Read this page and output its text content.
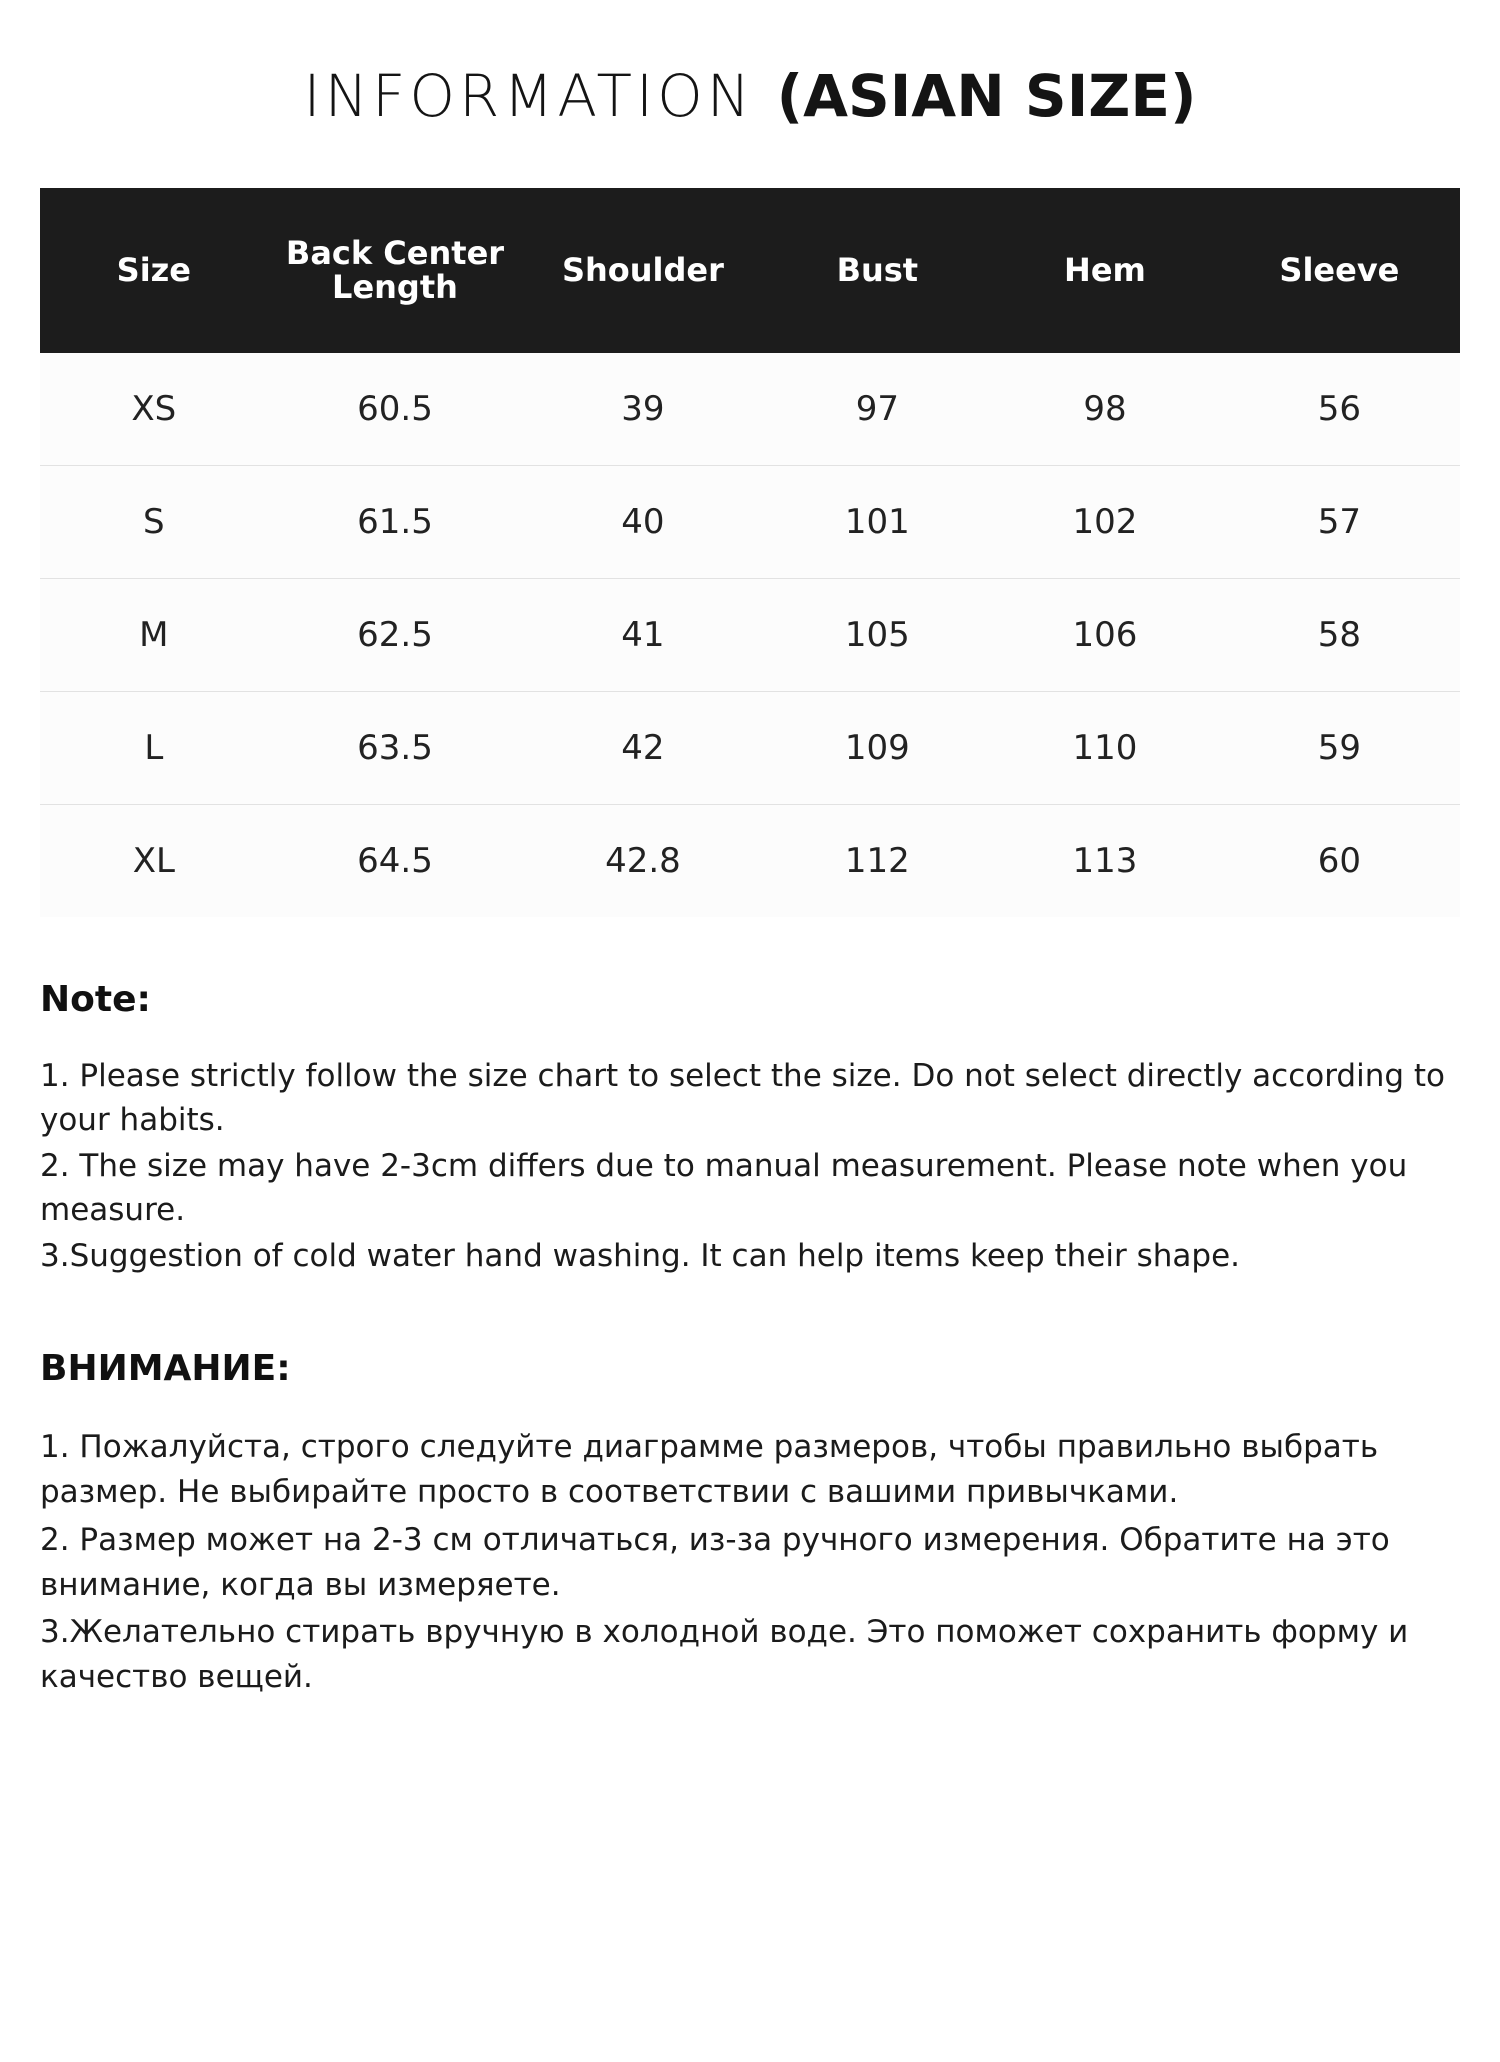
INFORMATION (ASIAN SIZE)
Size	Back Center Length	Shoulder	Bust	Hem	Sleeve
XS	60.5	39	97	98	56
S	61.5	40	101	102	57
M	62.5	41	105	106	58
L	63.5	42	109	110	59
XL	64.5	42.8	112	113	60
Note:

1. Please strictly follow the size chart to select the size. Do not select directly according to your habits.

2. The size may have 2-3cm differs due to manual measurement. Please note when you measure.

3.Suggestion of cold water hand washing. It can help items keep their shape.

ВНИМАНИЕ:

1. Пожалуйста, строго следуйте диаграмме размеров, чтобы правильно выбрать размер. Не выбирайте просто в соответствии с вашими привычками.

2. Размер может на 2-3 см отличаться, из-за ручного измерения. Обратите на это внимание, когда вы измеряете.

3.Желательно стирать вручную в холодной воде. Это поможет сохранить форму и качество вещей.
